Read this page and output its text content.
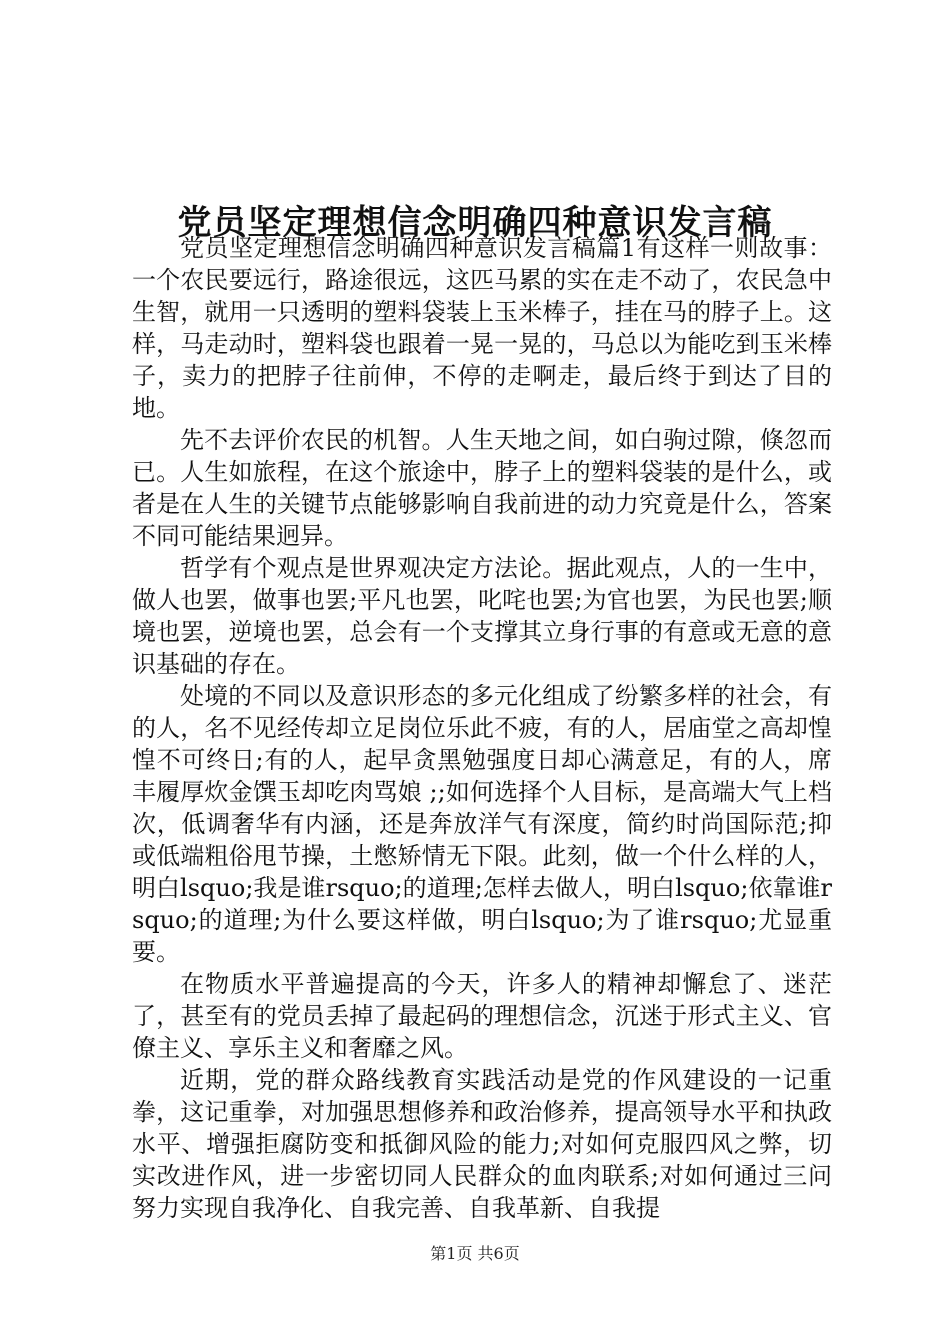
党员坚定理想信念明确四种意识发言稿

党员坚定理想信念明确四种意识发言稿篇1有这样一则故事：一个农民要远行，路途很远，这匹马累的实在走不动了，农民急中生智，就用一只透明的塑料袋装上玉米棒子，挂在马的脖子上。这样，马走动时，塑料袋也跟着一晃一晃的，马总以为能吃到玉米棒子，卖力的把脖子往前伸，不停的走啊走，最后终于到达了目的地。

先不去评价农民的机智。人生天地之间，如白驹过隙，倏忽而已。人生如旅程，在这个旅途中，脖子上的塑料袋装的是什么，或者是在人生的关键节点能够影响自我前进的动力究竟是什么，答案不同可能结果迥异。

哲学有个观点是世界观决定方法论。据此观点，人的一生中，做人也罢，做事也罢;平凡也罢，叱咤也罢;为官也罢，为民也罢;顺境也罢，逆境也罢，总会有一个支撑其立身行事的有意或无意的意识基础的存在。

处境的不同以及意识形态的多元化组成了纷繁多样的社会，有的人，名不见经传却立足岗位乐此不疲，有的人，居庙堂之高却惶惶不可终日;有的人，起早贪黑勉强度日却心满意足，有的人，席丰履厚炊金馔玉却吃肉骂娘 ;;如何选择个人目标，是高端大气上档次，低调奢华有内涵，还是奔放洋气有深度，简约时尚国际范;抑或低端粗俗甩节操，土憋矫情无下限。此刻，做一个什么样的人，明白lsquo;我是谁rsquo;的道理;怎样去做人，明白lsquo;依靠谁rsquo;的道理;为什么要这样做，明白lsquo;为了谁rsquo;尤显重要。

在物质水平普遍提高的今天，许多人的精神却懈怠了、迷茫了，甚至有的党员丢掉了最起码的理想信念，沉迷于形式主义、官僚主义、享乐主义和奢靡之风。

近期，党的群众路线教育实践活动是党的作风建设的一记重拳，这记重拳，对加强思想修养和政治修养，提高领导水平和执政水平、增强拒腐防变和抵御风险的能力;对如何克服四风之弊，切实改进作风，进一步密切同人民群众的血肉联系;对如何通过三问努力实现自我净化、自我完善、自我革新、自我提

第1页 共6页
